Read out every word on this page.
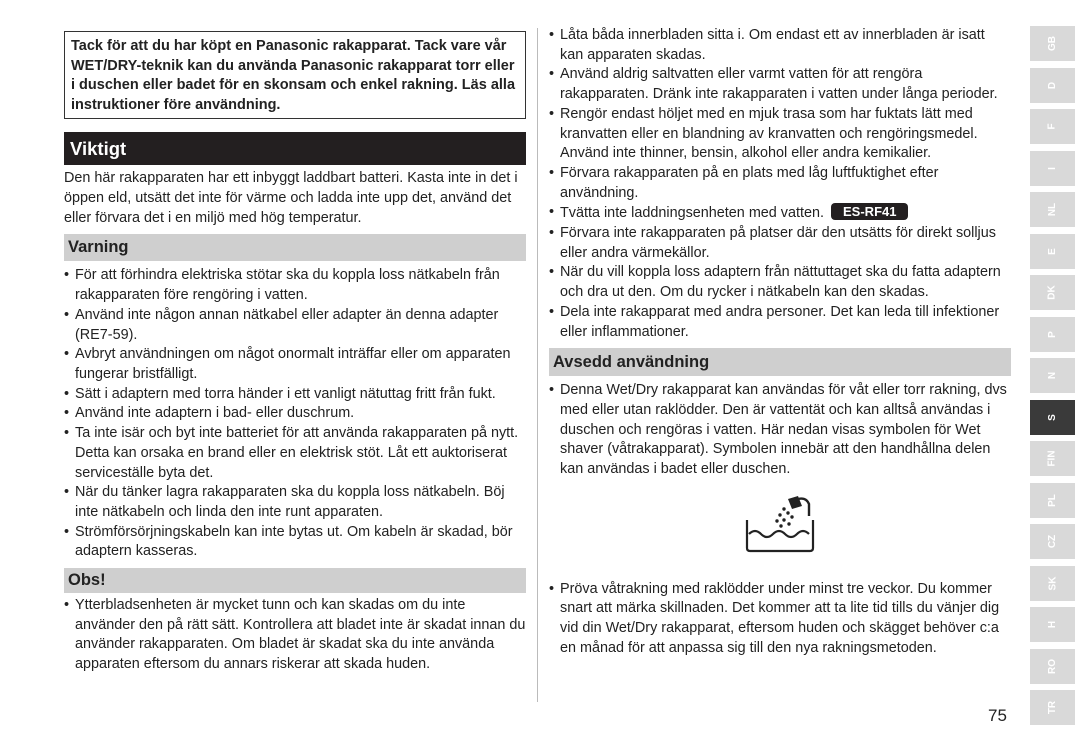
Tack för att du har köpt en Panasonic rakapparat. Tack vare vår WET/DRY-teknik kan du använda Panasonic rakapparat torr eller i duschen eller badet för en skonsam och enkel rakning. Läs alla instruktioner före användning.
Viktigt
Den här rakapparaten har ett inbyggt laddbart batteri. Kasta inte in det i öppen eld, utsätt det inte för värme och ladda inte upp det, använd det eller förvara det i en miljö med hög temperatur.
Varning
• För att förhindra elektriska stötar ska du koppla loss nätkabeln från rakapparaten före rengöring i vatten.
• Använd inte någon annan nätkabel eller adapter än denna adapter (RE7-59).
• Avbryt användningen om något onormalt inträffar eller om apparaten fungerar bristfälligt.
• Sätt i adaptern med torra händer i ett vanligt nätuttag fritt från fukt.
• Använd inte adaptern i bad- eller duschrum.
• Ta inte isär och byt inte batteriet för att använda rakapparaten på nytt. Detta kan orsaka en brand eller en elektrisk stöt. Låt ett auktoriserat serviceställe byta det.
• När du tänker lagra rakapparaten ska du koppla loss nätkabeln. Böj inte nätkabeln och linda den inte runt apparaten.
• Strömförsörjningskabeln kan inte bytas ut. Om kabeln är skadad, bör adaptern kasseras.
Obs!
• Ytterbladsenheten är mycket tunn och kan skadas om du inte använder den på rätt sätt. Kontrollera att bladet inte är skadat innan du använder rakapparaten. Om bladet är skadat ska du inte använda apparaten eftersom du annars riskerar att skada huden.
• Låta båda innerbladen sitta i. Om endast ett av innerbladen är isatt kan apparaten skadas.
• Använd aldrig saltvatten eller varmt vatten för att rengöra rakapparaten. Dränk inte rakapparaten i vatten under långa perioder.
• Rengör endast höljet med en mjuk trasa som har fuktats lätt med kranvatten eller en blandning av kranvatten och rengöringsmedel. Använd inte thinner, bensin, alkohol eller andra kemikalier.
• Förvara rakapparaten på en plats med låg luftfuktighet efter användning.
• Tvätta inte laddningsenheten med vatten. ES-RF41
• Förvara inte rakapparaten på platser där den utsätts för direkt solljus eller andra värmekällor.
• När du vill koppla loss adaptern från nättuttaget ska du fatta adaptern och dra ut den. Om du rycker i nätkabeln kan den skadas.
• Dela inte rakapparat med andra personer. Det kan leda till infektioner eller inflammationer.
Avsedd användning
• Denna Wet/Dry rakapparat kan användas för våt eller torr rakning, dvs med eller utan raklödder. Den är vattentät och kan alltså användas i duschen och rengöras i vatten. Här nedan visas symbolen för Wet shaver (våtrakapparat). Symbolen innebär att den handhållna delen kan användas i badet eller duschen.
• Pröva våtrakning med raklödder under minst tre veckor. Du kommer snart att märka skillnaden. Det kommer att ta lite tid tills du vänjer dig vid din Wet/Dry rakapparat, eftersom huden och skägget behöver c:a en månad för att anpassa sig till den nya rakningsmetoden.
75
GB
D
F
I
NL
E
DK
P
N
S
FIN
PL
CZ
SK
H
RO
TR
